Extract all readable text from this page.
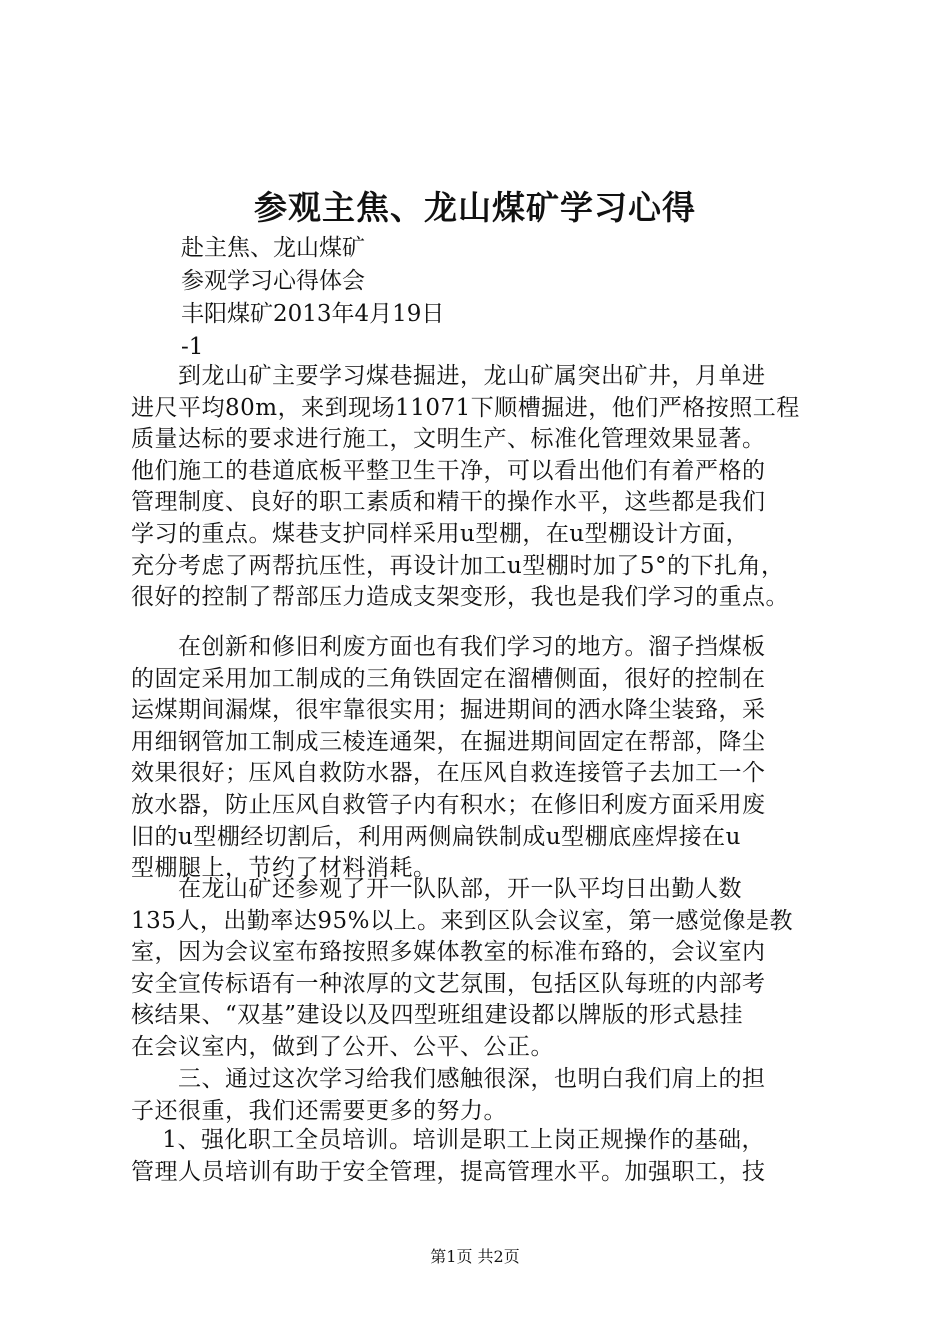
参观主焦、龙山煤矿学习心得
赴主焦、龙山煤矿
参观学习心得体会
丰阳煤矿2013年4月19日
-1
　　到龙山矿主要学习煤巷掘进，龙山矿属突出矿井，月单进
进尺平均80m，来到现场11071下顺槽掘进，他们严格按照工程
质量达标的要求进行施工，文明生产、标准化管理效果显著。
他们施工的巷道底板平整卫生干净，可以看出他们有着严格的
管理制度、良好的职工素质和精干的操作水平，这些都是我们
学习的重点。煤巷支护同样采用u型棚，在u型棚设计方面，
充分考虑了两帮抗压性，再设计加工u型棚时加了5°的下扎角，
很好的控制了帮部压力造成支架变形，我也是我们学习的重点。
　　在创新和修旧利废方面也有我们学习的地方。溜子挡煤板
的固定采用加工制成的三角铁固定在溜槽侧面，很好的控制在
运煤期间漏煤，很牢靠很实用；掘进期间的洒水降尘装臵，采
用细钢管加工制成三棱连通架，在掘进期间固定在帮部，降尘
效果很好；压风自救防水器，在压风自救连接管子去加工一个
放水器，防止压风自救管子内有积水；在修旧利废方面采用废
旧的u型棚经切割后，利用两侧扁铁制成u型棚底座焊接在u
型棚腿上，节约了材料消耗。
　　在龙山矿还参观了开一队队部，开一队平均日出勤人数
135人，出勤率达95%以上。来到区队会议室，第一感觉像是教
室，因为会议室布臵按照多媒体教室的标准布臵的，会议室内
安全宣传标语有一种浓厚的文艺氛围，包括区队每班的内部考
核结果、“双基”建设以及四型班组建设都以牌版的形式悬挂
在会议室内，做到了公开、公平、公正。
　　三、通过这次学习给我们感触很深，也明白我们肩上的担
子还很重，我们还需要更多的努力。
　 1、强化职工全员培训。培训是职工上岗正规操作的基础，
管理人员培训有助于安全管理，提高管理水平。加强职工，技
第1页 共2页
